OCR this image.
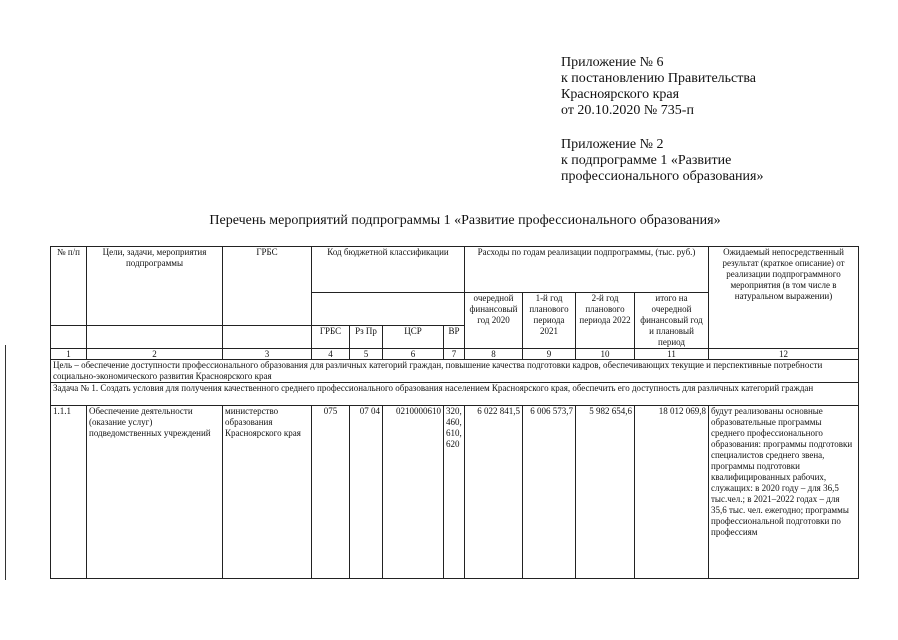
Приложение № 6

к постановлению Правительства

Красноярского края

от 20.10.2020 № 735-п

Приложение № 2

к подпрограмме 1 «Развитие

профессионального образования»

Перечень мероприятий подпрограммы 1 «Развитие профессионального образования»
№ п/п	Цели, задачи, мероприятия подпрограммы	ГРБС	Код бюджетной классификации				Расходы по годам реализации подпрограммы, (тыс. руб.)				Ожидаемый непосредственный результат (краткое описание) от реализации подпрограммного мероприятия (в том числе в натуральном выражении)
							очередной финансовый год 2020	1-й год планового периода 2021	2-й год планового периода 2022	итого на очередной финансовый год и плановый период	
			ГРБС	Рз Пр	ЦСР	ВР					
1	2	3	4	5	6	7	8	9	10	11	12
Цель – обеспечение доступности профессионального образования для различных категорий граждан, повышение качества подготовки кадров, обеспечивающих текущие и перспективные потребности социально-экономического развития Красноярского края											
Задача № 1. Создать условия для получения качественного среднего профессионального образования населением Красноярского края, обеспечить его доступность для различных категорий граждан											
1.1.1	Обеспечение деятельности (оказание услуг) подведомственных учреждений	министерство образования Красноярского края	075	07 04	0210000610	320, 460, 610, 620	6 022 841,5	6 006 573,7	5 982 654,6	18 012 069,8	будут реализованы основные образовательные программы среднего профессионального образования: программы подготовки специалистов среднего звена, программы подготовки квалифицированных рабочих, служащих: в 2020 году – для 36,5 тыс.чел.; в 2021–2022 годах – для 35,6 тыс. чел. ежегодно; программы профессиональной подготовки по профессиям
